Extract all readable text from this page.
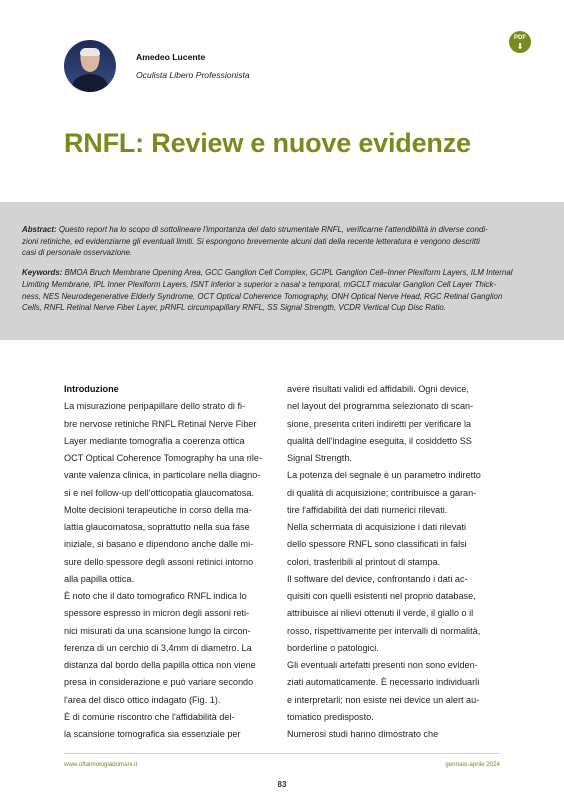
Amedeo Lucente
Oculista Libero Professionista
PDF
⬇
RNFL: Review e nuove evidenze

Abstract: Questo report ha lo scopo di sottolineare l'importanza del dato strumentale RNFL, verificarne l'attendibilità in diverse condi-
zioni retiniche, ed evidenziarne gli eventuali limiti. Si espongono brevemente alcuni dati della recente letteratura e vengono descritti
casi di personale osservazione.

Keywords: BMOA Bruch Membrane Opening Area, GCC Ganglion Cell Complex, GCIPL Ganglion Cell–Inner Plexiform Layers, ILM Internal
Limiting Membrane, IPL Inner Plexiform Layers, ISNT inferior ≥ superior ≥ nasal ≥ temporal, mGCLT macular Ganglion Cell Layer Thick-
ness, NES Neurodegenerative Elderly Syndrome, OCT Optical Coherence Tomography, ONH Optical Nerve Head, RGC Retinal Ganglion
Cells, RNFL Retinal Nerve Fiber Layer, pRNFL circumpapillary RNFL, SS Signal Strength, VCDR Vertical Cup Disc Ratio.

Introduzione

La misurazione peripapillare dello strato di fi-
bre nervose retiniche RNFL Retinal Nerve Fiber
Layer mediante tomografia a coerenza ottica
OCT Optical Coherence Tomography ha una rile-
vante valenza clinica, in particolare nella diagno-
si e nel follow-up dell'otticopatia glaucomatosa.
Molte decisioni terapeutiche in corso della ma-
lattia glaucomatosa, soprattutto nella sua fase
iniziale, si basano e dipendono anche dalle mi-
sure dello spessore degli assoni retinici intorno
alla papilla ottica.
È noto che il dato tomografico RNFL indica lo
spessore espresso in micron degli assoni reti-
nici misurati da una scansione lungo la circon-
ferenza di un cerchio di 3,4mm di diametro. La
distanza dal bordo della papilla ottica non viene
presa in considerazione e può variare secondo
l'area del disco ottico indagato (Fig. 1).
È di comune riscontro che l'affidabilità del-
la scansione tomografica sia essenziale per
avere risultati validi ed affidabili. Ogni device,
nel layout del programma selezionato di scan-
sione, presenta criteri indiretti per verificare la
qualità dell'indagine eseguita, il cosiddetto SS
Signal Strength.
La potenza del segnale è un parametro indiretto
di qualità di acquisizione; contribuisce a garan-
tire l'affidabilità dei dati numerici rilevati.
Nella schermata di acquisizione i dati rilevati
dello spessore RNFL sono classificati in falsi
colori, trasferibili al printout di stampa.
Il software del device, confrontando i dati ac-
quisiti con quelli esistenti nel proprio database,
attribuisce ai rilievi ottenuti il verde, il giallo o il
rosso, rispettivamente per intervalli di normalità,
borderline o patologici.
Gli eventuali artefatti presenti non sono eviden-
ziati automaticamente. È necessario individuarli
e interpretarli; non esiste nei device un alert au-
tomatico predisposto.
Numerosi studi hanno dimostrato che
www.oftalmologiadomani.it	gennaio-aprile 2024
83
